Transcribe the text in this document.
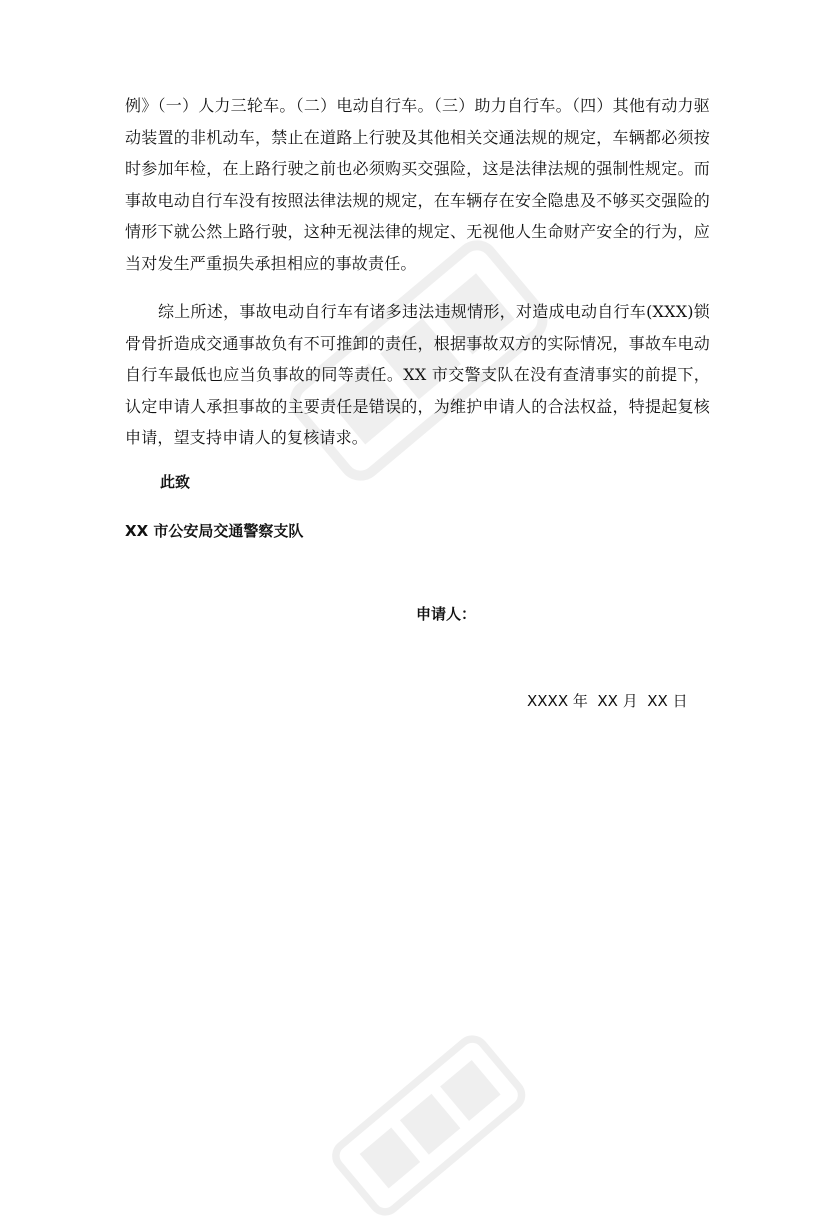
例》（一）人力三轮车。（二）电动自行车。（三）助力自行车。（四）其他有动力驱动装置的非机动车，禁止在道路上行驶及其他相关交通法规的规定，车辆都必须按时参加年检，在上路行驶之前也必须购买交强险，这是法律法规的强制性规定。而事故电动自行车没有按照法律法规的规定，在车辆存在安全隐患及不够买交强险的情形下就公然上路行驶，这种无视法律的规定、无视他人生命财产安全的行为，应当对发生严重损失承担相应的事故责任。

综上所述，事故电动自行车有诸多违法违规情形，对造成电动自行车(XXX)锁骨骨折造成交通事故负有不可推卸的责任，根据事故双方的实际情况，事故车电动自行车最低也应当负事故的同等责任。XX 市交警支队在没有查清事实的前提下，认定申请人承担事故的主要责任是错误的，为维护申请人的合法权益，特提起复核申请，望支持申请人的复核请求。

此致
XX 市公安局交通警察支队
申请人：
XXXX 年  XX 月  XX 日
